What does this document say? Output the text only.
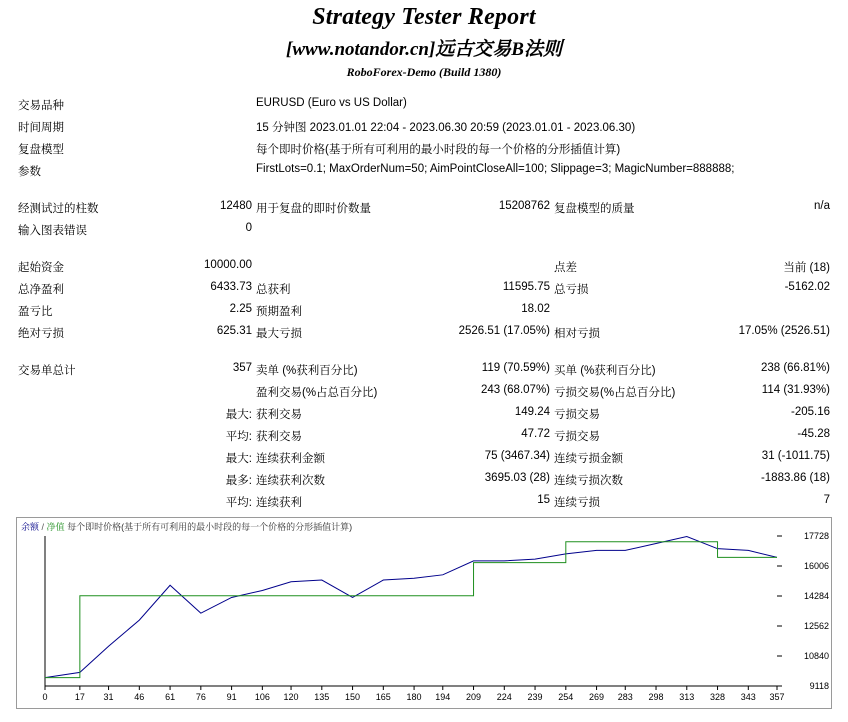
Strategy Tester Report
[www.notandor.cn]远古交易B法则
RoboForex-Demo (Build 1380)
交易品种		EURUSD (Euro vs US Dollar)			
时间周期		15 分钟图 2023.01.01 22:04 - 2023.06.30 20:59 (2023.01.01 - 2023.06.30)			
复盘模型		每个即时价格(基于所有可利用的最小时段的每一个价格的分形插值计算)			
参数		FirstLots=0.1; MaxOrderNum=50; AimPointCloseAll=100; Slippage=3; MagicNumber=888888;			

经测试过的柱数	12480	用于复盘的即时价数量	15208762	复盘模型的质量	n/a
输入图表错误	0				

起始资金	10000.00			点差	当前 (18)
总净盈利	6433.73	总获利	11595.75	总亏损	-5162.02
盈亏比	2.25	预期盈利	18.02		
绝对亏损	625.31	最大亏损	2526.51 (17.05%)	相对亏损	17.05% (2526.51)

交易单总计	357	卖单 (%获利百分比)	119 (70.59%)	买单 (%获利百分比)	238 (66.81%)
		盈利交易(%占总百分比)	243 (68.07%)	亏损交易(%占总百分比)	114 (31.93%)
	最大:	获利交易	149.24	亏损交易	-205.16
	平均:	获利交易	47.72	亏损交易	-45.28
	最大:	连续获利金额	75 (3467.34)	连续亏损金额	31 (-1011.75)
	最多:	连续获利次数	3695.03 (28)	连续亏损次数	-1883.86 (18)
	平均:	连续获利	15	连续亏损	7
余额 / 净值 每个即时价格(基于所有可利用的最小时段的每一个价格的分形插值计算)
17728
16006
14284
12562
10840
9118
0	17 31 46 61 76 91 106 120 135 150 165 180 194 209 224 239 254 269 283 298 313 328 343 357
